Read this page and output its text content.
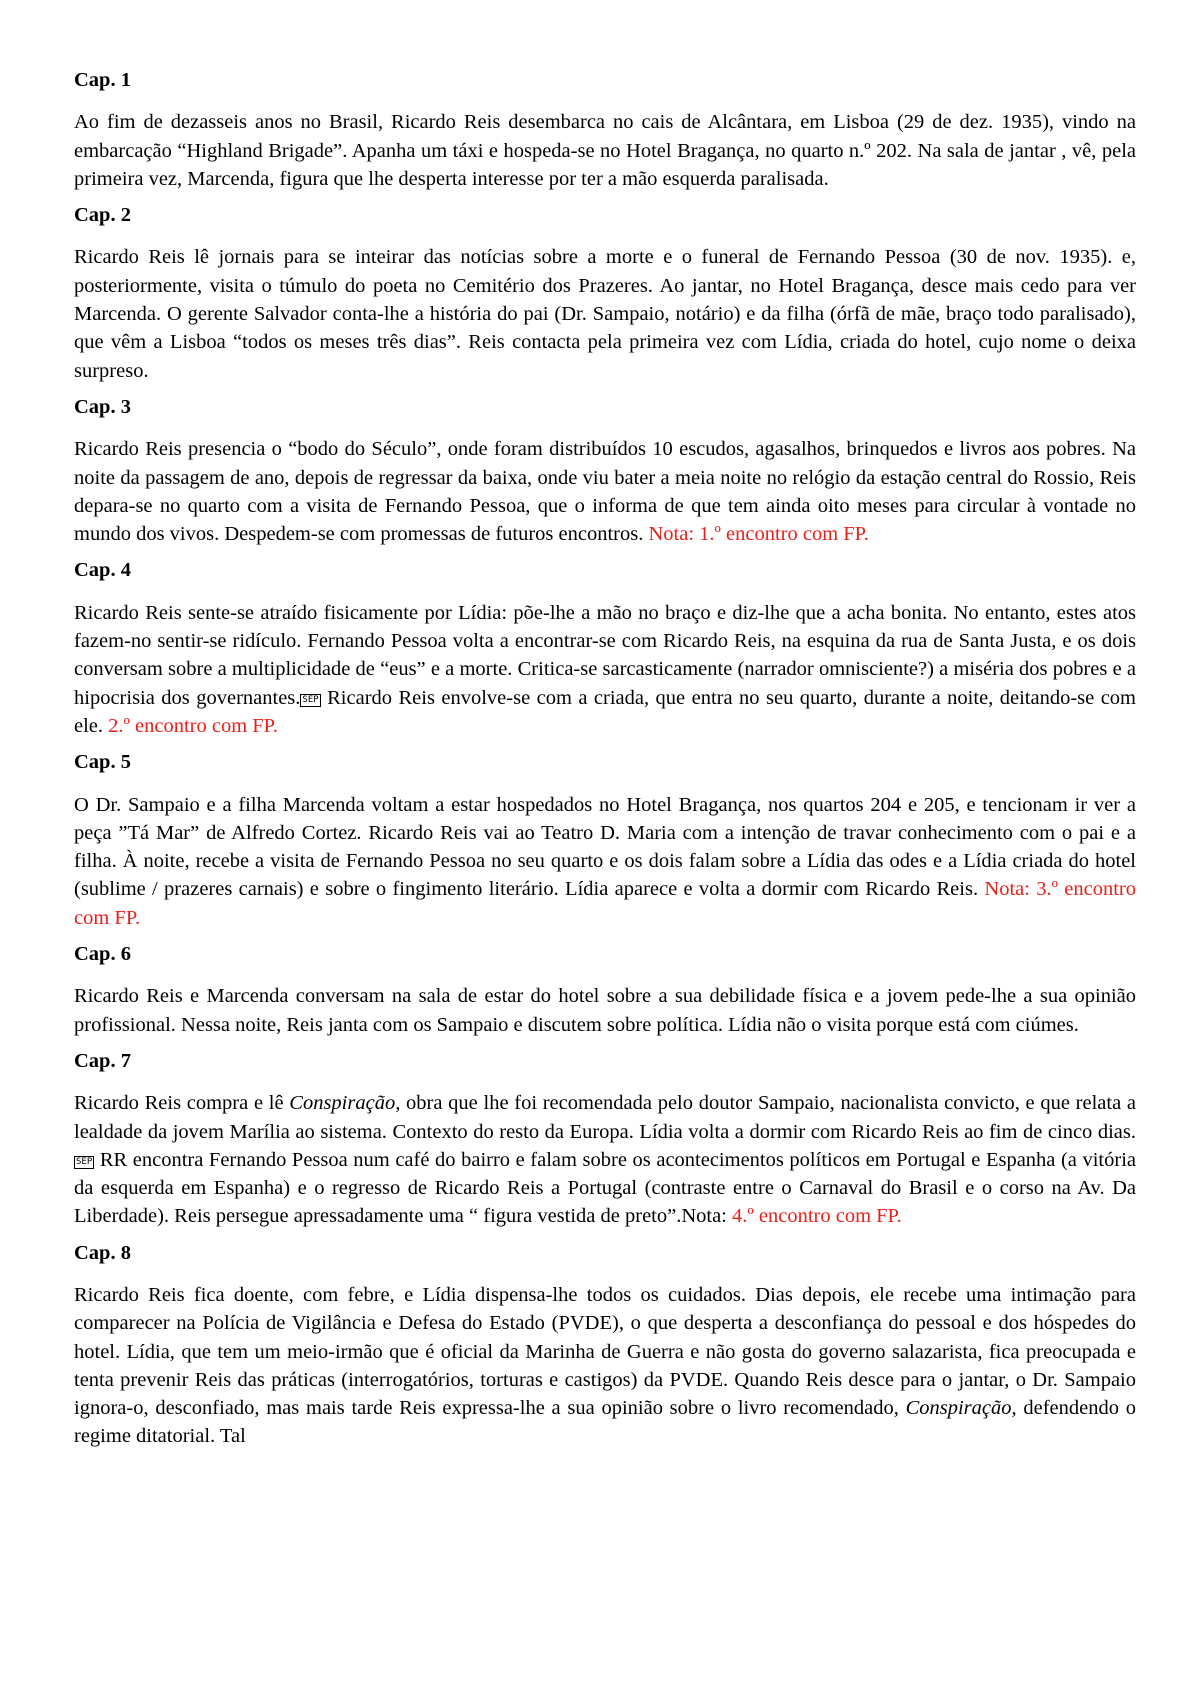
Cap. 1

Ao fim de dezasseis anos no Brasil, Ricardo Reis desembarca no cais de Alcântara, em Lisboa (29 de dez. 1935), vindo na embarcação “Highland Brigade”. Apanha um táxi e hospeda-se no Hotel Bragança, no quarto n.º 202. Na sala de jantar , vê, pela primeira vez, Marcenda, figura que lhe desperta interesse por ter a mão esquerda paralisada.

Cap. 2

Ricardo Reis lê jornais para se inteirar das notícias sobre a morte e o funeral de Fernando Pessoa (30 de nov. 1935). e, posteriormente, visita o túmulo do poeta no Cemitério dos Prazeres. Ao jantar, no Hotel Bragança, desce mais cedo para ver Marcenda. O gerente Salvador conta-lhe a história do pai (Dr. Sampaio, notário) e da filha (órfã de mãe, braço todo paralisado), que vêm a Lisboa “todos os meses três dias”. Reis contacta pela primeira vez com Lídia, criada do hotel, cujo nome o deixa surpreso.

Cap. 3

Ricardo Reis presencia o “bodo do Século”, onde foram distribuídos 10 escudos, agasalhos, brinquedos e livros aos pobres. Na noite da passagem de ano, depois de regressar da baixa, onde viu bater a meia noite no relógio da estação central do Rossio, Reis depara-se no quarto com a visita de Fernando Pessoa, que o informa de que tem ainda oito meses para circular à vontade no mundo dos vivos. Despedem-se com promessas de futuros encontros. Nota: 1.º encontro com FP.

Cap. 4

Ricardo Reis sente-se atraído fisicamente por Lídia: põe-lhe a mão no braço e diz-lhe que a acha bonita. No entanto, estes atos fazem-no sentir-se ridículo. Fernando Pessoa volta a encontrar-se com Ricardo Reis, na esquina da rua de Santa Justa, e os dois conversam sobre a multiplicidade de “eus” e a morte. Critica-se sarcasticamente (narrador omnisciente?) a miséria dos pobres e a hipocrisia dos governantes. SEP Ricardo Reis envolve-se com a criada, que entra no seu quarto, durante a noite, deitando-se com ele. 2.º encontro com FP.

Cap. 5

O Dr. Sampaio e a filha Marcenda voltam a estar hospedados no Hotel Bragança, nos quartos 204 e 205, e tencionam ir ver a peça ”Tá Mar” de Alfredo Cortez. Ricardo Reis vai ao Teatro D. Maria com a intenção de travar conhecimento com o pai e a filha. À noite, recebe a visita de Fernando Pessoa no seu quarto e os dois falam sobre a Lídia das odes e a Lídia criada do hotel (sublime / prazeres carnais) e sobre o fingimento literário. Lídia aparece e volta a dormir com Ricardo Reis. Nota: 3.º encontro com FP.

Cap. 6

Ricardo Reis e Marcenda conversam na sala de estar do hotel sobre a sua debilidade física e a jovem pede-lhe a sua opinião profissional. Nessa noite, Reis janta com os Sampaio e discutem sobre política. Lídia não o visita porque está com ciúmes.

Cap. 7

Ricardo Reis compra e lê Conspiração, obra que lhe foi recomendada pelo doutor Sampaio, nacionalista convicto, e que relata a lealdade da jovem Marília ao sistema. Contexto do resto da Europa. Lídia volta a dormir com Ricardo Reis ao fim de cinco dias.SEP RR encontra Fernando Pessoa num café do bairro e falam sobre os acontecimentos políticos em Portugal e Espanha (a vitória da esquerda em Espanha) e o regresso de Ricardo Reis a Portugal (contraste entre o Carnaval do Brasil e o corso na Av. Da Liberdade). Reis persegue apressadamente uma “ figura vestida de preto”.Nota: 4.º encontro com FP.

Cap. 8

Ricardo Reis fica doente, com febre, e Lídia dispensa-lhe todos os cuidados. Dias depois, ele recebe uma intimação para comparecer na Polícia de Vigilância e Defesa do Estado (PVDE), o que desperta a desconfiança do pessoal e dos hóspedes do hotel. Lídia, que tem um meio-irmão que é oficial da Marinha de Guerra e não gosta do governo salazarista, fica preocupada e tenta prevenir Reis das práticas (interrogatórios, torturas e castigos) da PVDE. Quando Reis desce para o jantar, o Dr. Sampaio ignora-o, desconfiado, mas mais tarde Reis expressa-lhe a sua opinião sobre o livro recomendado, Conspiração, defendendo o regime ditatorial. Tal
